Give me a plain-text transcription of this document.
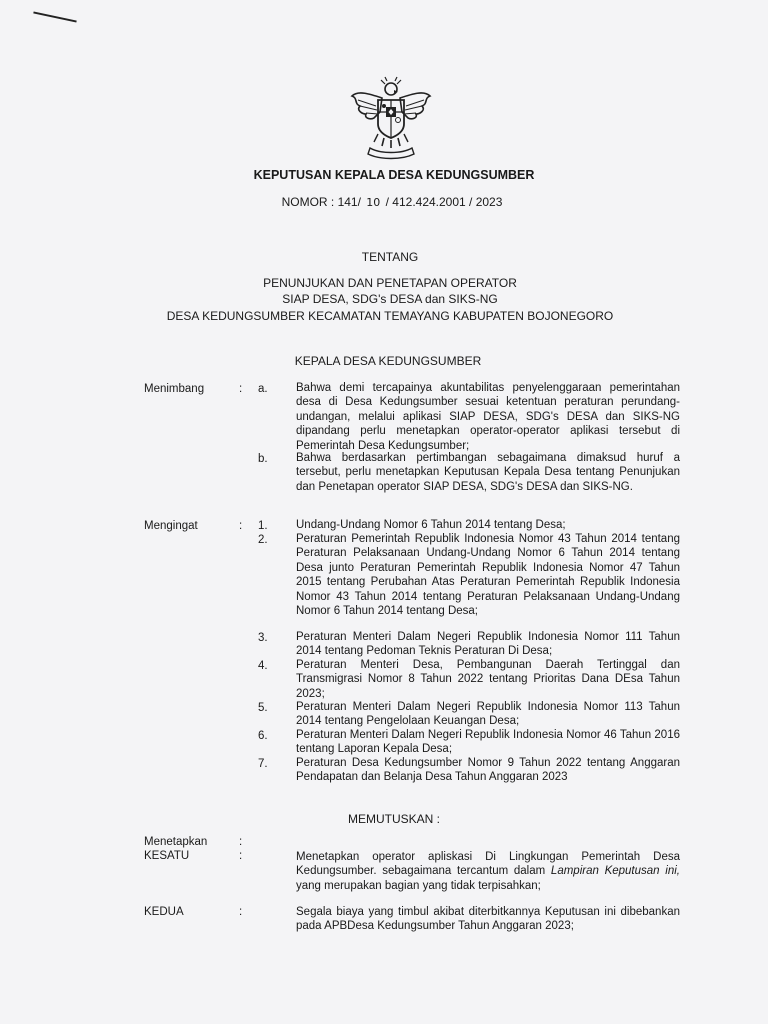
KEPUTUSAN KEPALA DESA KEDUNGSUMBER
NOMOR : 141/ 10 / 412.424.2001 / 2023
TENTANG
PENUNJUKAN DAN PENETAPAN OPERATOR
SIAP DESA, SDG's DESA dan SIKS-NG
DESA KEDUNGSUMBER KECAMATAN TEMAYANG KABUPATEN BOJONEGORO
KEPALA DESA KEDUNGSUMBER
Menimbang	: a. Bahwa demi tercapainya akuntabilitas penyelenggaraan pemerintahan desa di Desa Kedungsumber sesuai ketentuan peraturan perundang-undangan, melalui aplikasi SIAP DESA, SDG's DESA dan SIKS-NG dipandang perlu menetapkan operator-operator aplikasi tersebut di Pemerintah Desa Kedungsumber;
b. Bahwa berdasarkan pertimbangan sebagaimana dimaksud huruf a tersebut, perlu menetapkan Keputusan Kepala Desa tentang Penunjukan dan Penetapan operator SIAP DESA, SDG's DESA dan SIKS-NG.
Mengingat	: 1. Undang-Undang Nomor 6 Tahun 2014 tentang Desa;
2. Peraturan Pemerintah Republik Indonesia Nomor 43 Tahun 2014 tentang Peraturan Pelaksanaan Undang-Undang Nomor 6 Tahun 2014 tentang Desa junto Peraturan Pemerintah Republik Indonesia Nomor 47 Tahun 2015 tentang Perubahan Atas Peraturan Pemerintah Republik Indonesia Nomor 43 Tahun 2014 tentang Peraturan Pelaksanaan Undang-Undang Nomor 6 Tahun 2014 tentang Desa;
3. Peraturan Menteri Dalam Negeri Republik Indonesia Nomor 111 Tahun 2014 tentang Pedoman Teknis Peraturan Di Desa;
4. Peraturan Menteri Desa, Pembangunan Daerah Tertinggal dan Transmigrasi Nomor 8 Tahun 2022 tentang Prioritas Dana DEsa Tahun 2023;
5. Peraturan Menteri Dalam Negeri Republik Indonesia Nomor 113 Tahun 2014 tentang Pengelolaan Keuangan Desa;
6. Peraturan Menteri Dalam Negeri Republik Indonesia Nomor 46 Tahun 2016 tentang Laporan Kepala Desa;
7. Peraturan Desa Kedungsumber Nomor 9 Tahun 2022 tentang Anggaran Pendapatan dan Belanja Desa Tahun Anggaran 2023
MEMUTUSKAN :
Menetapkan	:
KESATU	:	Menetapkan operator apliskasi Di Lingkungan Pemerintah Desa Kedungsumber. sebagaimana tercantum dalam Lampiran Keputusan ini, yang merupakan bagian yang tidak terpisahkan;
KEDUA	:	Segala biaya yang timbul akibat diterbitkannya Keputusan ini dibebankan pada APBDesa Kedungsumber Tahun Anggaran 2023;
